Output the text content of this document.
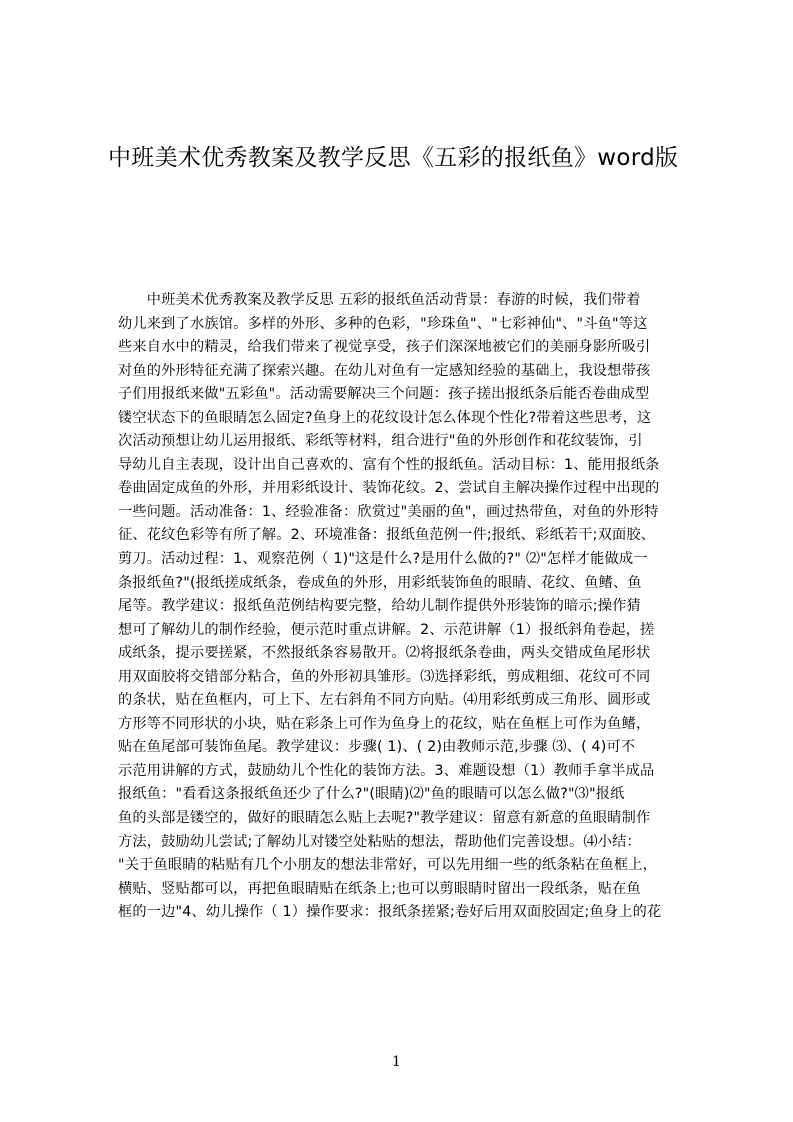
中班美术优秀教案及教学反思《五彩的报纸鱼》word版
　　中班美术优秀教案及教学反思 五彩的报纸鱼活动背景：春游的时候，我们带着
幼儿来到了水族馆。多样的外形、多种的色彩，"珍珠鱼"、"七彩神仙"、"斗鱼"等这
些来自水中的精灵，给我们带来了视觉享受，孩子们深深地被它们的美丽身影所吸引
对鱼的外形特征充满了探索兴趣。在幼儿对鱼有一定感知经验的基础上，我设想带孩
子们用报纸来做"五彩鱼"。活动需要解决三个问题：孩子搓出报纸条后能否卷曲成型
镂空状态下的鱼眼睛怎么固定?鱼身上的花纹设计怎么体现个性化?带着这些思考，这
次活动预想让幼儿运用报纸、彩纸等材料，组合进行"鱼的外形创作和花纹装饰，引
导幼儿自主表现，设计出自己喜欢的、富有个性的报纸鱼。活动目标：1、能用报纸条
卷曲固定成鱼的外形，并用彩纸设计、装饰花纹。2、尝试自主解决操作过程中出现的
一些问题。活动准备：1、经验准备：欣赏过"美丽的鱼"，画过热带鱼，对鱼的外形特
征、花纹色彩等有所了解。2、环境准备：报纸鱼范例一件;报纸、彩纸若干;双面胶、
剪刀。活动过程：1、观察范例（ 1)"这是什么?是用什么做的?" ⑵"怎样才能做成一
条报纸鱼?"(报纸搓成纸条，卷成鱼的外形，用彩纸装饰鱼的眼睛、花纹、鱼鳍、鱼
尾等。教学建议：报纸鱼范例结构要完整，给幼儿制作提供外形装饰的暗示;操作猜
想可了解幼儿的制作经验，便示范时重点讲解。2、示范讲解（1）报纸斜角卷起，搓
成纸条，提示要搓紧，不然报纸条容易散开。⑵将报纸条卷曲，两头交错成鱼尾形状
用双面胶将交错部分粘合，鱼的外形初具雏形。⑶选择彩纸，剪成粗细、花纹可不同
的条状，贴在鱼框内，可上下、左右斜角不同方向贴。⑷用彩纸剪成三角形、圆形或
方形等不同形状的小块，贴在彩条上可作为鱼身上的花纹，贴在鱼框上可作为鱼鳍，
贴在鱼尾部可装饰鱼尾。教学建议：步骤( 1)、( 2)由教师示范,步骤 ⑶、( 4)可不
示范用讲解的方式，鼓励幼儿个性化的装饰方法。3、难题设想（1）教师手拿半成品
报纸鱼："看看这条报纸鱼还少了什么?"(眼睛)⑵"鱼的眼睛可以怎么做?"⑶"报纸
鱼的头部是镂空的，做好的眼睛怎么贴上去呢?"教学建议：留意有新意的鱼眼睛制作
方法，鼓励幼儿尝试;了解幼儿对镂空处粘贴的想法，帮助他们完善设想。⑷小结：
"关于鱼眼睛的粘贴有几个小朋友的想法非常好，可以先用细一些的纸条粘在鱼框上，
横贴、竖贴都可以，再把鱼眼睛贴在纸条上;也可以剪眼睛时留出一段纸条，贴在鱼
框的一边"4、幼儿操作（ 1）操作要求：报纸条搓紧;卷好后用双面胶固定;鱼身上的花
1
